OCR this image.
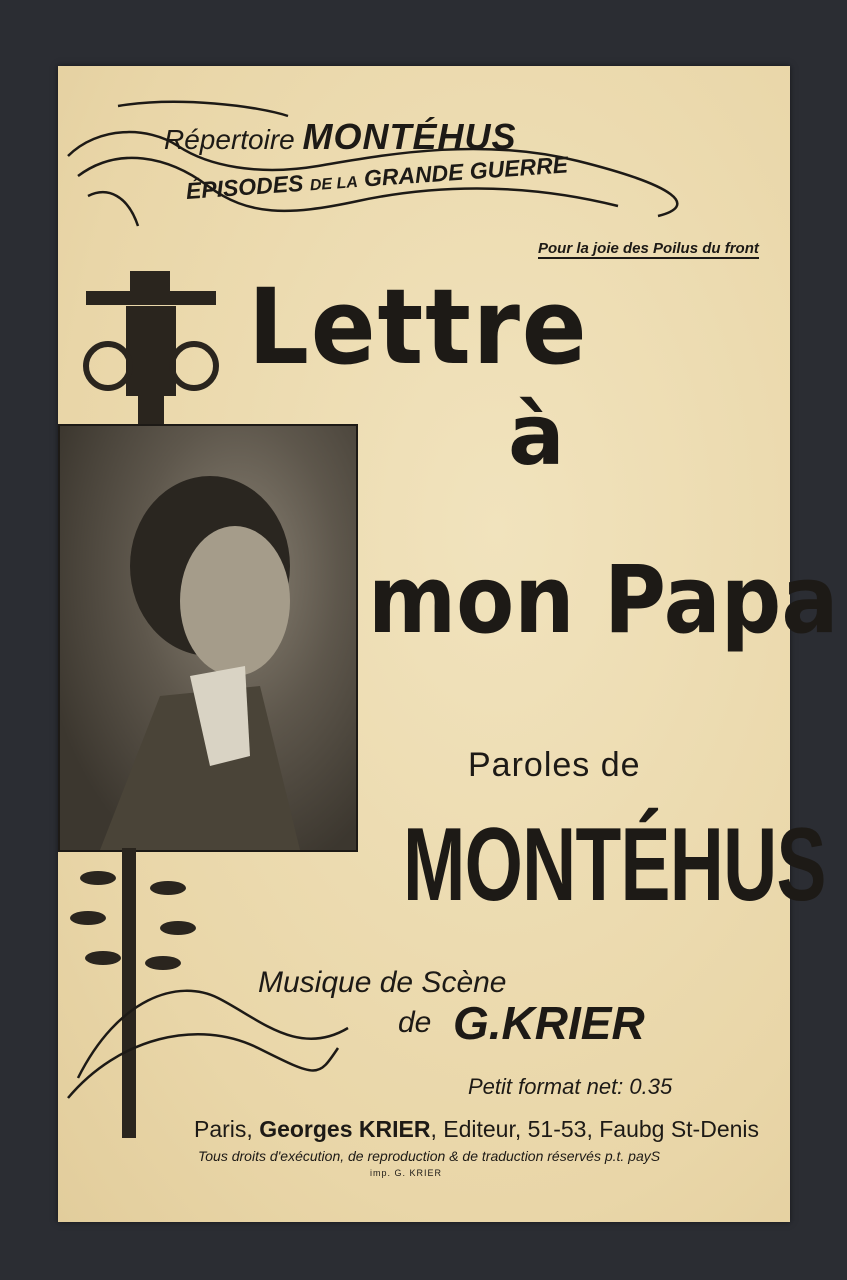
Répertoire MONTÉHUS
ÉPISODES DE LA GRANDE GUERRE
Pour la joie des Poilus du front
Lettre
à
mon Papa
Paroles de
MONTÉHUS
Musique de Scène
de G.KRIER
Petit format net: 0.35
Paris, Georges KRIER, Editeur, 51-53, Faubg St-Denis
Tous droits d'exécution, de reproduction & de traduction réservés p.t. payS
imp. G. KRIER
